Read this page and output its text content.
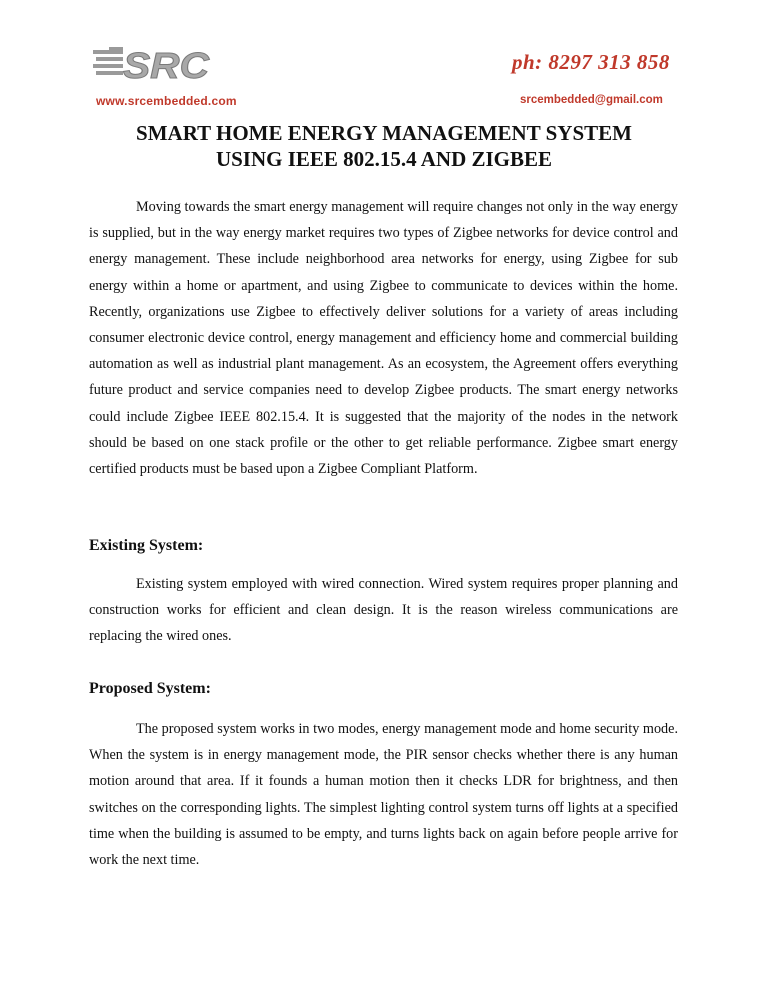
SRC
www.srcembedded.com
ph: 8297 313 858
srcembedded@gmail.com
SMART HOME ENERGY MANAGEMENT SYSTEM
USING IEEE 802.15.4 AND ZIGBEE

Moving towards the smart energy management will require changes not only in the way energy is supplied, but in the way energy market requires two types of Zigbee networks for device control and energy management. These include neighborhood area networks for energy, using Zigbee for sub energy within a home or apartment, and using Zigbee to communicate to devices within the home. Recently, organizations use Zigbee to effectively deliver solutions for a variety of areas including consumer electronic device control, energy management and efficiency home and commercial building automation as well as industrial plant management. As an ecosystem, the Agreement offers everything future product and service companies need to develop Zigbee products. The smart energy networks could include Zigbee IEEE 802.15.4. It is suggested that the majority of the nodes in the network should be based on one stack profile or the other to get reliable performance. Zigbee smart energy certified products must be based upon a Zigbee Compliant Platform.

Existing System:

Existing system employed with wired connection. Wired system requires proper planning and construction works for efficient and clean design. It is the reason wireless communications are replacing the wired ones.

Proposed System:

The proposed system works in two modes, energy management mode and home security mode. When the system is in energy management mode, the PIR sensor checks whether there is any human motion around that area. If it founds a human motion then it checks LDR for brightness, and then switches on the corresponding lights. The simplest lighting control system turns off lights at a specified time when the building is assumed to be empty, and turns lights back on again before people arrive for work the next time.
